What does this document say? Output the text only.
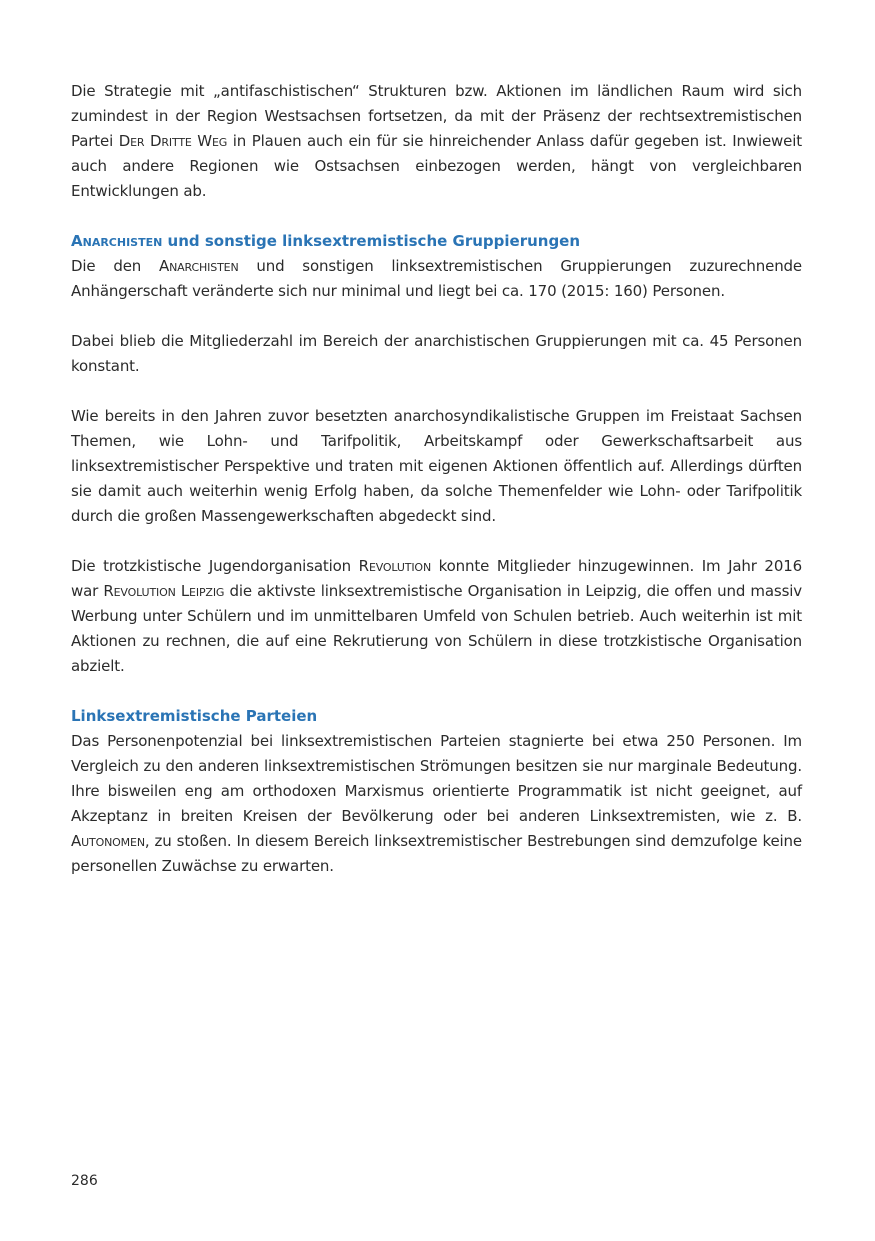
Die Strategie mit „antifaschistischen“ Strukturen bzw. Aktionen im ländlichen Raum wird sich zumindest in der Region Westsachsen fortsetzen, da mit der Präsenz der rechtsextremistischen Partei Der Dritte Weg in Plauen auch ein für sie hinreichender Anlass dafür gegeben ist. Inwieweit auch andere Regionen wie Ostsachsen einbezogen werden, hängt von vergleichbaren Entwicklungen ab.

Anarchisten und sonstige linksextremistische Gruppierungen

Die den Anarchisten und sonstigen linksextremistischen Gruppierungen zuzurechnende Anhängerschaft veränderte sich nur minimal und liegt bei ca. 170 (2015: 160) Personen.

Dabei blieb die Mitgliederzahl im Bereich der anarchistischen Gruppierungen mit ca. 45 Personen konstant.

Wie bereits in den Jahren zuvor besetzten anarchosyndikalistische Gruppen im Freistaat Sachsen Themen, wie Lohn- und Tarifpolitik, Arbeitskampf oder Gewerkschaftsarbeit aus linksextremistischer Perspektive und traten mit eigenen Aktionen öffentlich auf. Allerdings dürften sie damit auch weiterhin wenig Erfolg haben, da solche Themenfelder wie Lohn- oder Tarifpolitik durch die großen Massengewerkschaften abgedeckt sind.

Die trotzkistische Jugendorganisation Revolution konnte Mitglieder hinzugewinnen. Im Jahr 2016 war Revolution Leipzig die aktivste linksextremistische Organisation in Leipzig, die offen und massiv Werbung unter Schülern und im unmittelbaren Umfeld von Schulen betrieb. Auch weiterhin ist mit Aktionen zu rechnen, die auf eine Rekrutierung von Schülern in diese trotzkistische Organisation abzielt.

Linksextremistische Parteien

Das Personenpotenzial bei linksextremistischen Parteien stagnierte bei etwa 250 Personen. Im Vergleich zu den anderen linksextremistischen Strömungen besitzen sie nur marginale Bedeutung. Ihre bisweilen eng am orthodoxen Marxismus orientierte Programmatik ist nicht geeignet, auf Akzeptanz in breiten Kreisen der Bevölkerung oder bei anderen Linksextremisten, wie z. B. Autonomen, zu stoßen. In diesem Bereich linksextremistischer Bestrebungen sind demzufolge keine personellen Zuwächse zu erwarten.

286
